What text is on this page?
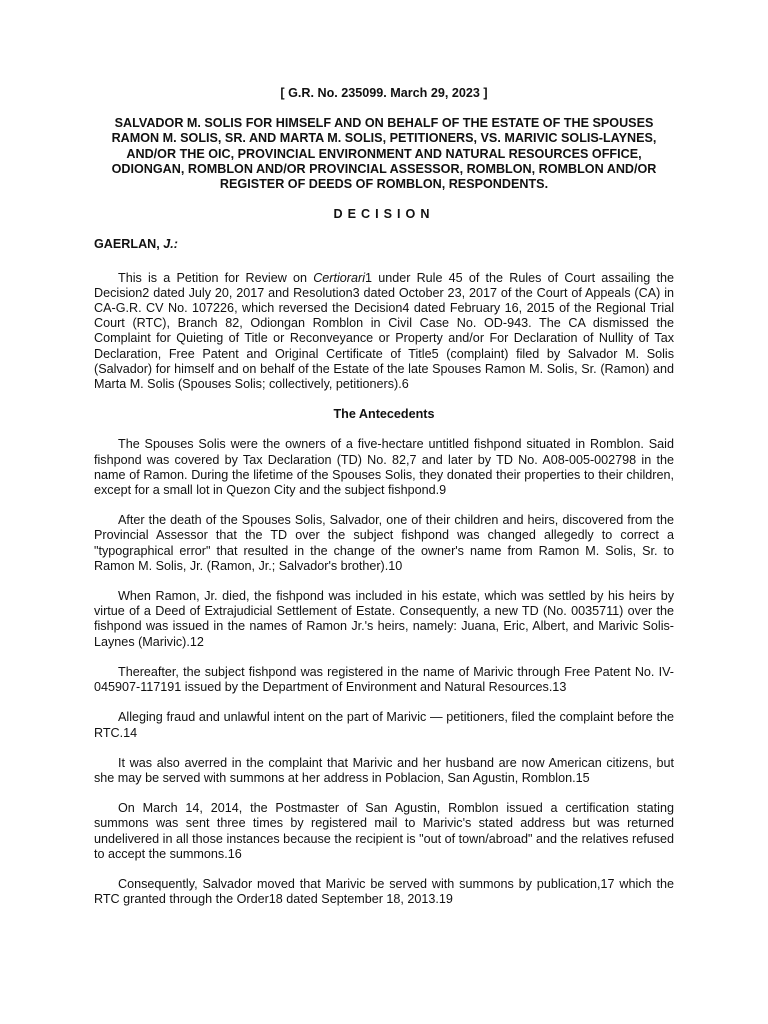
[ G.R. No. 235099. March 29, 2023 ]

SALVADOR M. SOLIS FOR HIMSELF AND ON BEHALF OF THE ESTATE OF THE SPOUSES RAMON M. SOLIS, SR. AND MARTA M. SOLIS, PETITIONERS, VS. MARIVIC SOLIS-LAYNES, AND/OR THE OIC, PROVINCIAL ENVIRONMENT AND NATURAL RESOURCES OFFICE, ODIONGAN, ROMBLON AND/OR PROVINCIAL ASSESSOR, ROMBLON, ROMBLON AND/OR REGISTER OF DEEDS OF ROMBLON, RESPONDENTS.

DECISION

GAERLAN, J.:

This is a Petition for Review on Certiorari1 under Rule 45 of the Rules of Court assailing the Decision2 dated July 20, 2017 and Resolution3 dated October 23, 2017 of the Court of Appeals (CA) in CA-G.R. CV No. 107226, which reversed the Decision4 dated February 16, 2015 of the Regional Trial Court (RTC), Branch 82, Odiongan Romblon in Civil Case No. OD-943. The CA dismissed the Complaint for Quieting of Title or Reconveyance or Property and/or For Declaration of Nullity of Tax Declaration, Free Patent and Original Certificate of Title5 (complaint) filed by Salvador M. Solis (Salvador) for himself and on behalf of the Estate of the late Spouses Ramon M. Solis, Sr. (Ramon) and Marta M. Solis (Spouses Solis; collectively, petitioners).6

The Antecedents

The Spouses Solis were the owners of a five-hectare untitled fishpond situated in Romblon. Said fishpond was covered by Tax Declaration (TD) No. 82,7 and later by TD No. A08-005-002798 in the name of Ramon. During the lifetime of the Spouses Solis, they donated their properties to their children, except for a small lot in Quezon City and the subject fishpond.9

After the death of the Spouses Solis, Salvador, one of their children and heirs, discovered from the Provincial Assessor that the TD over the subject fishpond was changed allegedly to correct a "typographical error" that resulted in the change of the owner's name from Ramon M. Solis, Sr. to Ramon M. Solis, Jr. (Ramon, Jr.; Salvador's brother).10

When Ramon, Jr. died, the fishpond was included in his estate, which was settled by his heirs by virtue of a Deed of Extrajudicial Settlement of Estate. Consequently, a new TD (No. 0035711) over the fishpond was issued in the names of Ramon Jr.'s heirs, namely: Juana, Eric, Albert, and Marivic Solis-Laynes (Marivic).12

Thereafter, the subject fishpond was registered in the name of Marivic through Free Patent No. IV-045907-117191 issued by the Department of Environment and Natural Resources.13

Alleging fraud and unlawful intent on the part of Marivic — petitioners, filed the complaint before the RTC.14

It was also averred in the complaint that Marivic and her husband are now American citizens, but she may be served with summons at her address in Poblacion, San Agustin, Romblon.15

On March 14, 2014, the Postmaster of San Agustin, Romblon issued a certification stating summons was sent three times by registered mail to Marivic's stated address but was returned undelivered in all those instances because the recipient is "out of town/abroad" and the relatives refused to accept the summons.16

Consequently, Salvador moved that Marivic be served with summons by publication,17 which the RTC granted through the Order18 dated September 18, 2013.19
